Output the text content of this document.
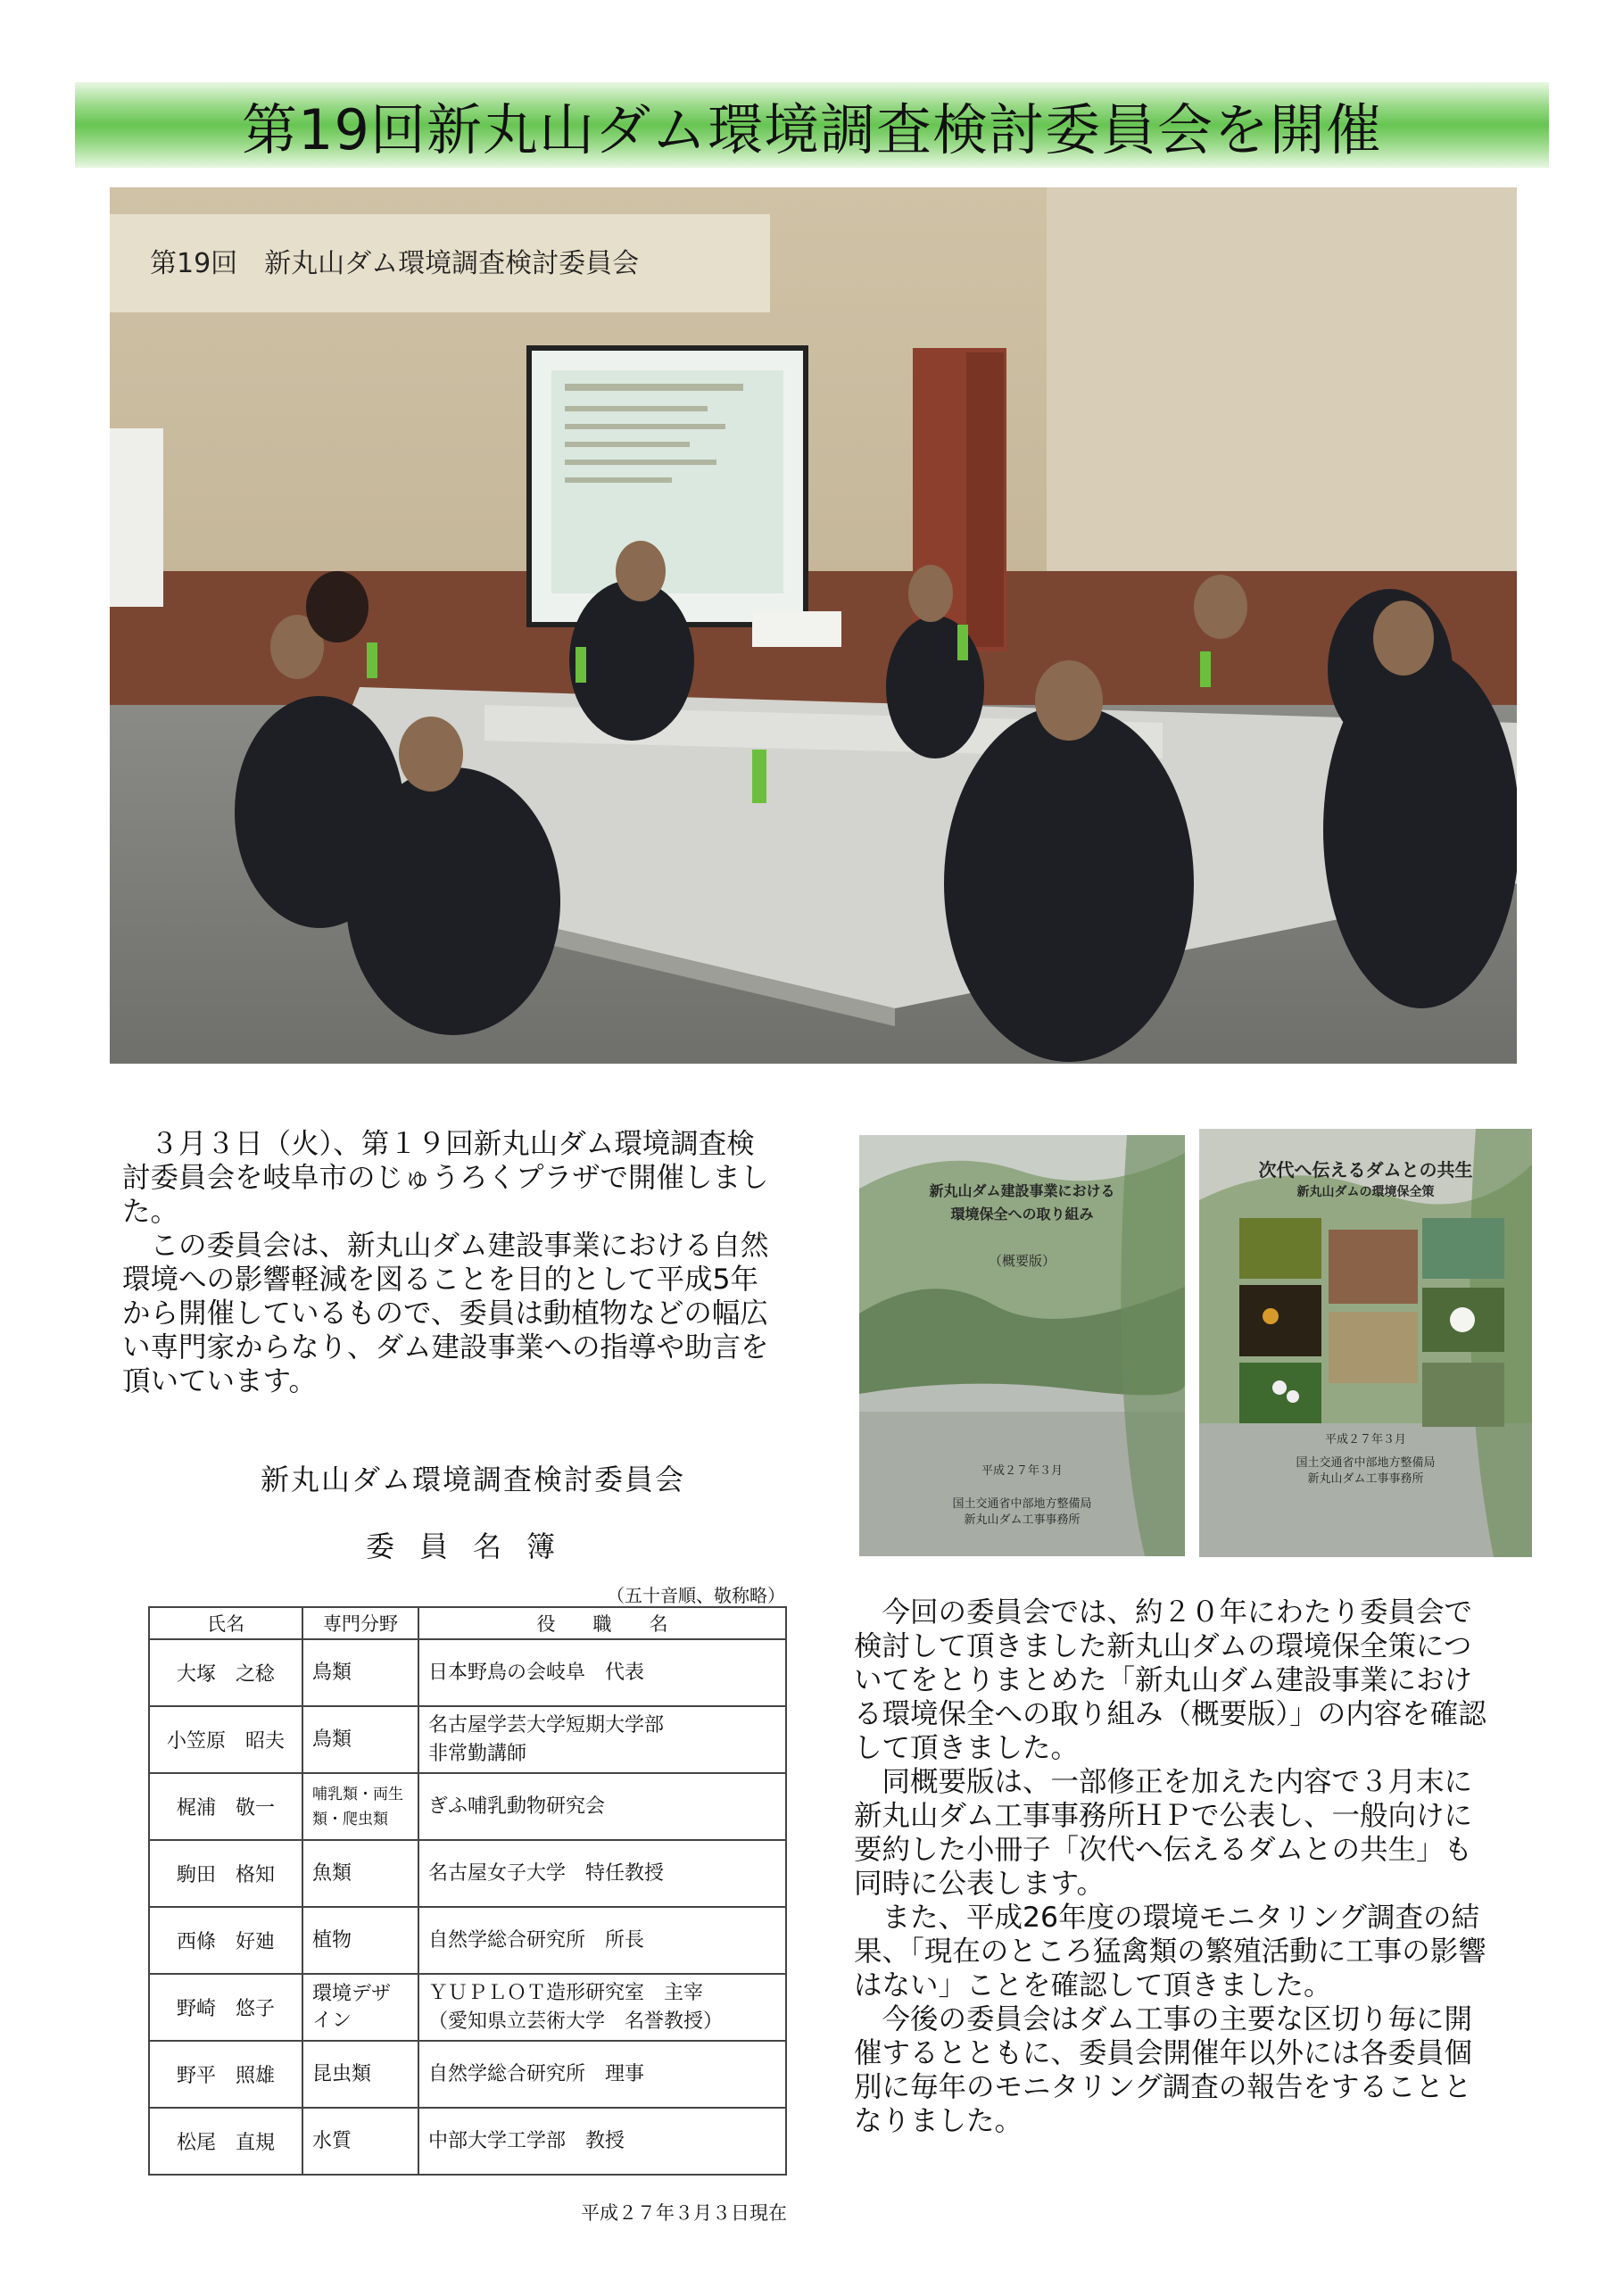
第19回新丸山ダム環境調査検討委員会を開催
第19回　新丸山ダム環境調査検討委員会

３月３日（火）、第１９回新丸山ダム環境調査検討委員会を岐阜市のじゅうろくプラザで開催しました。

この委員会は、新丸山ダム建設事業における自然環境への影響軽減を図ることを目的として平成5年から開催しているもので、委員は動植物などの幅広い専門家からなり、ダム建設事業への指導や助言を頂いています。

新丸山ダム建設事業における
環境保全への取り組み
（概要版）
平成２７年３月
国土交通省中部地方整備局
新丸山ダム工事事務所
次代へ伝えるダムとの共生
新丸山ダムの環境保全策
平成２７年３月
国土交通省中部地方整備局
新丸山ダム工事事務所
新丸山ダム環境調査検討委員会
委員名簿
（五十音順、敬称略）
氏名	専門分野	役　　職　　名
大塚　之稔	鳥類	日本野鳥の会岐阜　代表

小笠原　昭夫	鳥類	名古屋学芸大学短期大学部
非常勤講師

梶浦　敬一	哺乳類・両生類・爬虫類	ぎふ哺乳動物研究会

駒田　格知	魚類	名古屋女子大学　特任教授

西條　好廸	植物	自然学総合研究所　所長

野崎　悠子	環境デザイン	ＹＵＰＬＯＴ造形研究室　主宰
（愛知県立芸術大学　名誉教授）

野平　照雄	昆虫類	自然学総合研究所　理事

松尾　直規	水質	中部大学工学部　教授
平成２７年３月３日現在

今回の委員会では、約２０年にわたり委員会で検討して頂きました新丸山ダムの環境保全策についてをとりまとめた「新丸山ダム建設事業における環境保全への取り組み（概要版）」の内容を確認して頂きました。

同概要版は、一部修正を加えた内容で３月末に新丸山ダム工事事務所ＨＰで公表し、一般向けに要約した小冊子「次代へ伝えるダムとの共生」も同時に公表します。

また、平成26年度の環境モニタリング調査の結果、「現在のところ猛禽類の繁殖活動に工事の影響はない」ことを確認して頂きました。

今後の委員会はダム工事の主要な区切り毎に開催するとともに、委員会開催年以外には各委員個別に毎年のモニタリング調査の報告をすることとなりました。
